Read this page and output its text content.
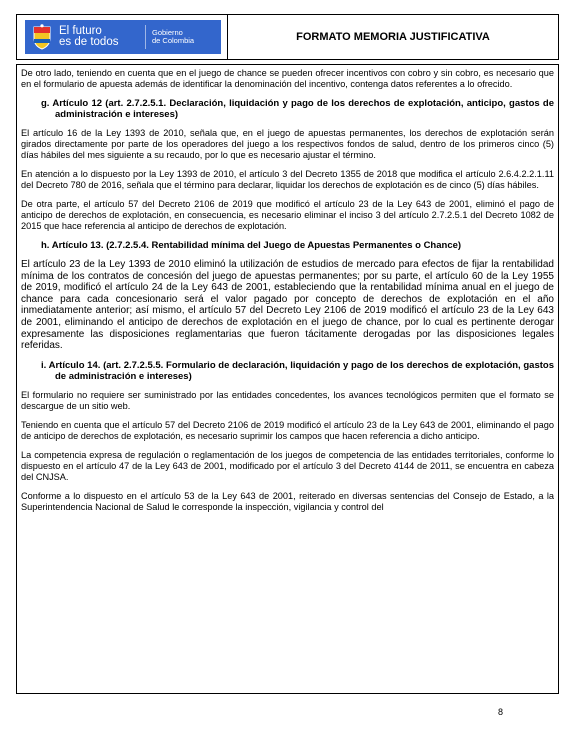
El futuro
es de todos
Gobierno
de Colombia	FORMATO MEMORIA JUSTIFICATIVA

De otro lado, teniendo en cuenta que en el juego de chance se pueden ofrecer incentivos con cobro y sin cobro, es necesario que en el formulario de apuesta además de identificar la denominación del incentivo, contenga datos referentes a lo ofrecido.

g. Artículo 12 (art. 2.7.2.5.1. Declaración, liquidación y pago de los derechos de explotación, anticipo, gastos de administración e intereses)

El artículo 16 de la Ley 1393 de 2010, señala que, en el juego de apuestas permanentes, los derechos de explotación serán girados directamente por parte de los operadores del juego a los respectivos fondos de salud, dentro de los primeros cinco (5) días hábiles del mes siguiente a su recaudo, por lo que es necesario ajustar el término.

En atención a lo dispuesto por la Ley 1393 de 2010, el artículo 3 del Decreto 1355 de 2018 que modifica el artículo 2.6.4.2.2.1.11 del Decreto 780 de 2016, señala que el término para declarar, liquidar los derechos de explotación es de cinco (5) días hábiles.

De otra parte, el artículo 57 del Decreto 2106 de 2019 que modificó el artículo 23 de la Ley 643 de 2001, eliminó el pago de anticipo de derechos de explotación, en consecuencia, es necesario eliminar el inciso 3 del artículo 2.7.2.5.1 del Decreto 1082 de 2015 que hace referencia al anticipo de derechos de explotación.

h. Artículo 13. (2.7.2.5.4. Rentabilidad mínima del Juego de Apuestas Permanentes o Chance)

El artículo 23 de la Ley 1393 de 2010 eliminó la utilización de estudios de mercado para efectos de fijar la rentabilidad mínima de los contratos de concesión del juego de apuestas permanentes; por su parte, el artículo 60 de la Ley 1955 de 2019, modificó el artículo 24 de la Ley 643 de 2001, estableciendo que la rentabilidad mínima anual en el juego de chance para cada concesionario será el valor pagado por concepto de derechos de explotación en el año inmediatamente anterior; así mismo, el artículo 57 del Decreto Ley 2106 de 2019 modificó el artículo 23 de la Ley 643 de 2001, eliminando el anticipo de derechos de explotación en el juego de chance, por lo cual es pertinente derogar expresamente las disposiciones reglamentarias que fueron tácitamente derogadas por las disposiciones legales referidas.

i. Artículo 14. (art. 2.7.2.5.5. Formulario de declaración, liquidación y pago de los derechos de explotación, gastos de administración e intereses)

El formulario no requiere ser suministrado por las entidades concedentes, los avances tecnológicos permiten que el formato se descargue de un sitio web.

Teniendo en cuenta que el artículo 57 del Decreto 2106 de 2019 modificó el artículo 23 de la Ley 643 de 2001, eliminando el pago de anticipo de derechos de explotación, es necesario suprimir los campos que hacen referencia a dicho anticipo.

La competencia expresa de regulación o reglamentación de los juegos de competencia de las entidades territoriales, conforme lo dispuesto en el artículo 47 de la Ley 643 de 2001, modificado por el artículo 3 del Decreto 4144 de 2011, se encuentra en cabeza del CNJSA.

Conforme a lo dispuesto en el artículo 53 de la Ley 643 de 2001, reiterado en diversas sentencias del Consejo de Estado, a la Superintendencia Nacional de Salud le corresponde la inspección, vigilancia y control del

8
